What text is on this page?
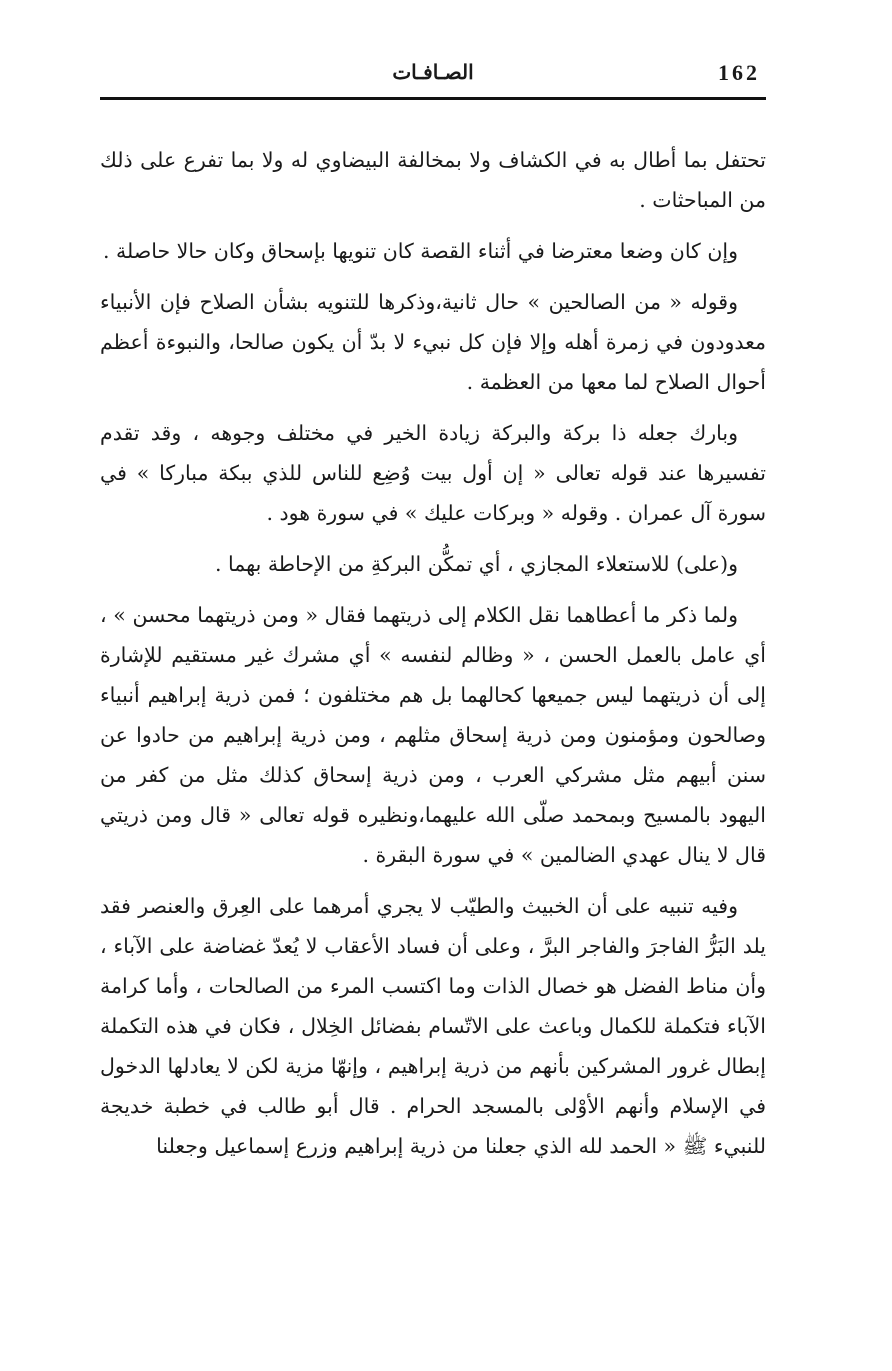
162
الصـافـات

تحتفل بما أطال به في الكشاف ولا بمخالفة البيضاوي له ولا بما تفرع على ذلك من المباحثات .

وإن كان وضعا معترضا في أثناء القصة كان تنويها بإسحاق وكان حالا حاصلة .

وقوله « من الصالحين » حال ثانية،وذكرها للتنويه بشأن الصلاح فإن الأنبياء معدودون في زمرة أهله وإلا فإن كل نبيء لا بدّ أن يكون صالحا، والنبوءة أعظم أحوال الصلاح لما معها من العظمة .

وبارك جعله ذا بركة والبركة زيادة الخير في مختلف وجوهه ، وقد تقدم تفسيرها عند قوله تعالى « إن أول بيت وُضِع للناس للذي ببكة مباركا » في سورة آل عمران . وقوله « وبركات عليك » في سورة هود .

و(على) للاستعلاء المجازي ، أي تمكُّن البركةِ من الإحاطة بهما .

ولما ذكر ما أعطاهما نقل الكلام إلى ذريتهما فقال « ومن ذريتهما محسن » ، أي عامل بالعمل الحسن ، « وظالم لنفسه » أي مشرك غير مستقيم للإشارة إلى أن ذريتهما ليس جميعها كحالهما بل هم مختلفون ؛ فمن ذرية إبراهيم أنبياء وصالحون ومؤمنون ومن ذرية إسحاق مثلهم ، ومن ذرية إبراهيم من حادوا عن سنن أبيهم مثل مشركي العرب ، ومن ذرية إسحاق كذلك مثل من كفر من اليهود بالمسيح وبمحمد صلّى الله عليهما،ونظيره قوله تعالى « قال ومن ذريتي قال لا ينال عهدي الضالمين » في سورة البقرة .

وفيه تنبيه على أن الخبيث والطيّب لا يجري أمرهما على العِرق والعنصر فقد يلد البَرُّ الفاجرَ والفاجر البرَّ ، وعلى أن فساد الأعقاب لا يُعدّ غضاضة على الآباء ، وأن مناط الفضل هو خصال الذات وما اكتسب المرء من الصالحات ، وأما كرامة الآباء فتكملة للكمال وباعث على الاتّسام بفضائل الخِلال ، فكان في هذه التكملة إبطال غرور المشركين بأنهم من ذرية إبراهيم ، وإنهّا مزية لكن لا يعادلها الدخول في الإسلام وأنهم الأوْلى بالمسجد الحرام . قال أبو طالب في خطبة خديجة للنبيء ﷺ « الحمد لله الذي جعلنا من ذرية إبراهيم وزرع إسماعيل وجعلنا
